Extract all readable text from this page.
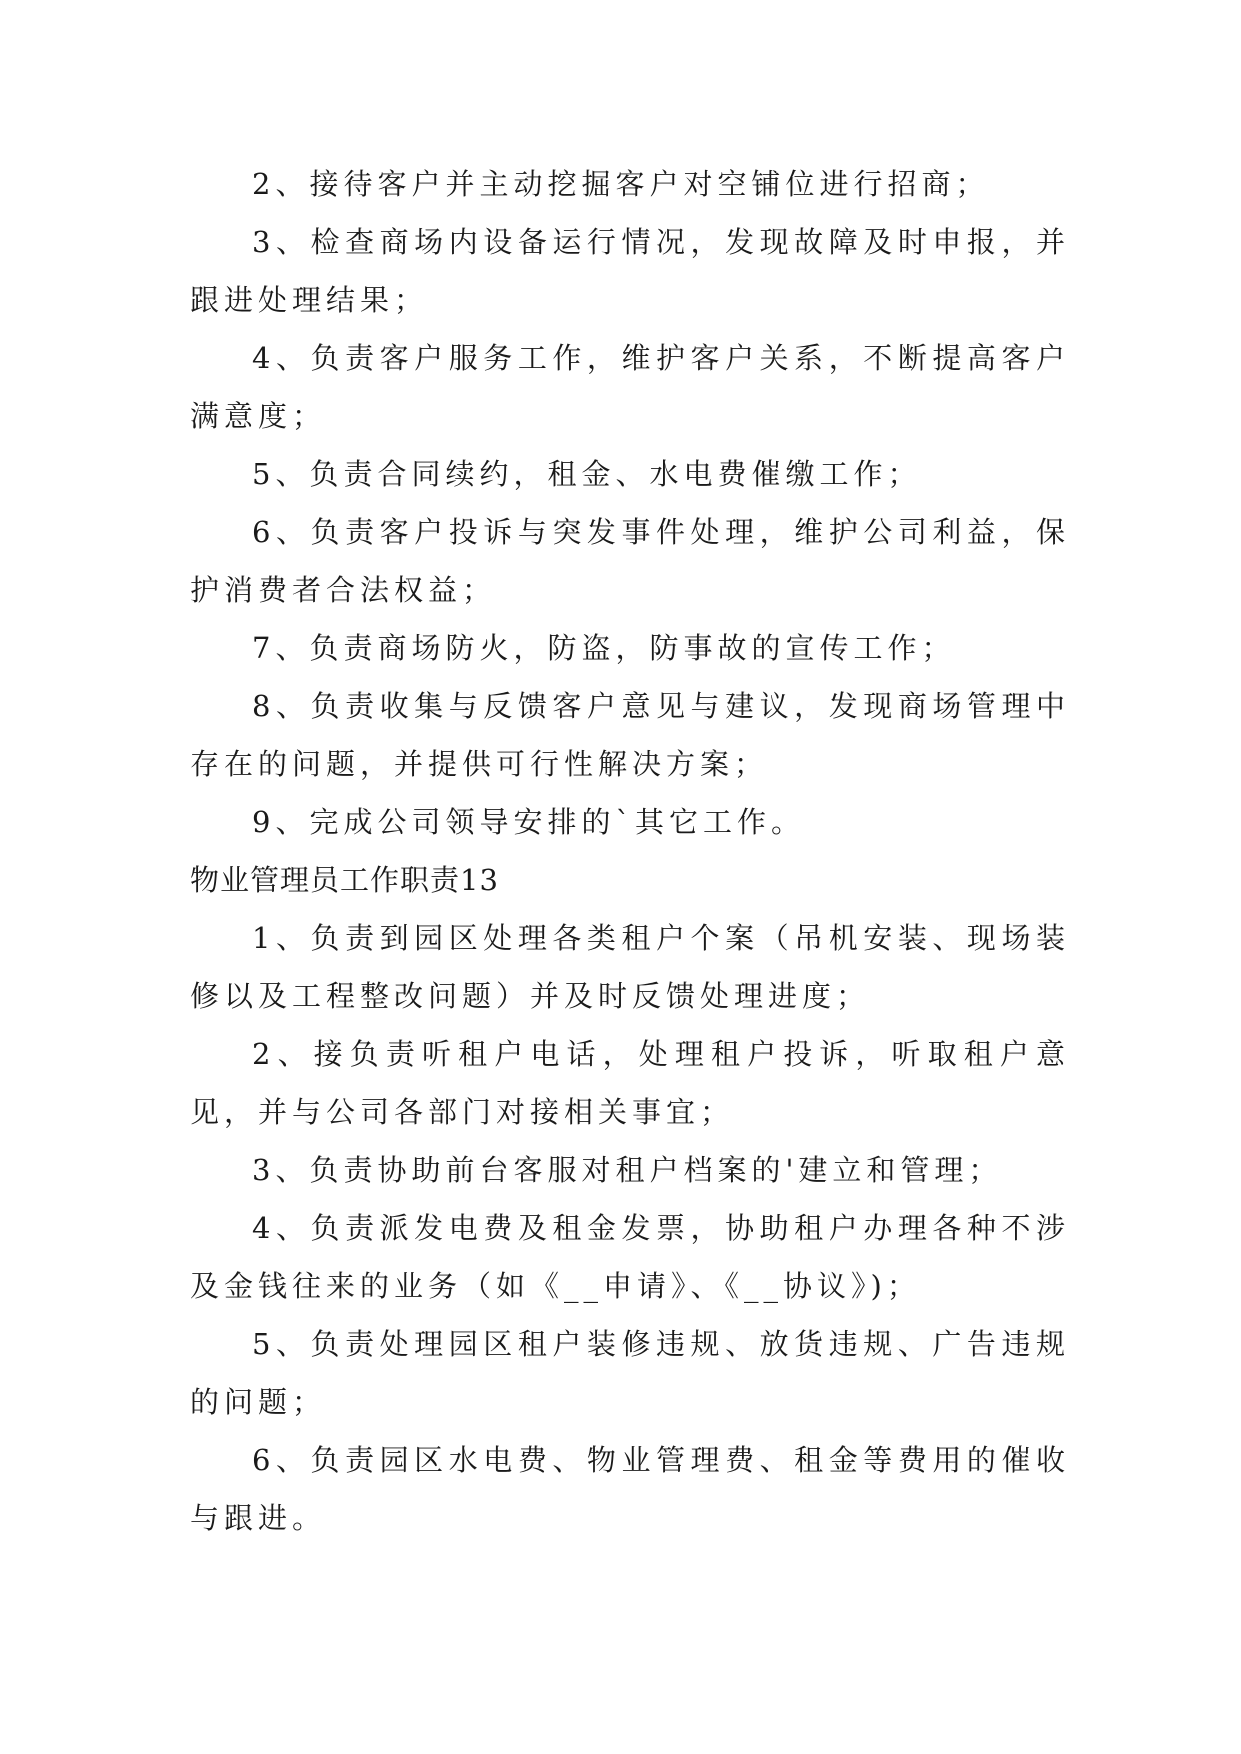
2、接待客户并主动挖掘客户对空铺位进行招商；

3、检查商场内设备运行情况，发现故障及时申报，并跟进处理结果；

4、负责客户服务工作，维护客户关系，不断提高客户满意度；

5、负责合同续约，租金、水电费催缴工作；

6、负责客户投诉与突发事件处理，维护公司利益，保护消费者合法权益；

7、负责商场防火，防盗，防事故的宣传工作；

8、负责收集与反馈客户意见与建议，发现商场管理中存在的问题，并提供可行性解决方案；

9、完成公司领导安排的`其它工作。

物业管理员工作职责13

1、负责到园区处理各类租户个案（吊机安装、现场装修以及工程整改问题）并及时反馈处理进度；

2、接负责听租户电话，处理租户投诉，听取租户意见，并与公司各部门对接相关事宜；

3、负责协助前台客服对租户档案的'建立和管理；

4、负责派发电费及租金发票，协助租户办理各种不涉及金钱往来的业务（如《__申请》、《__协议》)；

5、负责处理园区租户装修违规、放货违规、广告违规的问题；

6、负责园区水电费、物业管理费、租金等费用的催收与跟进。
